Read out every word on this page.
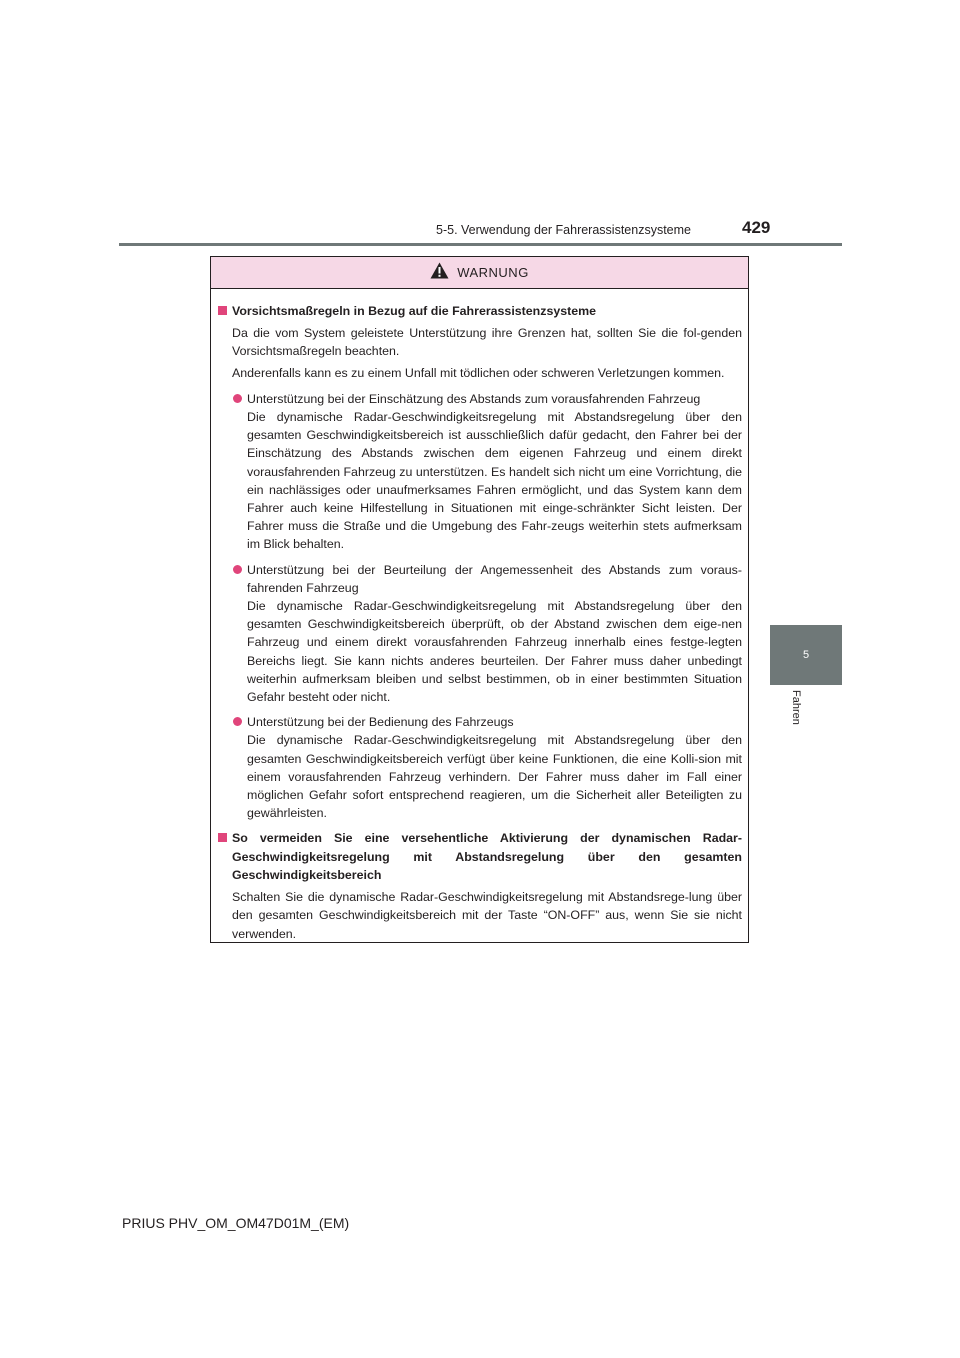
5-5. Verwendung der Fahrerassistenzsysteme	429
5
Fahren
WARNUNG
Vorsichtsmaßregeln in Bezug auf die Fahrerassistenzsysteme
Da die vom System geleistete Unterstützung ihre Grenzen hat, sollten Sie die fol-genden Vorsichtsmaßregeln beachten.
Anderenfalls kann es zu einem Unfall mit tödlichen oder schweren Verletzungen kommen.
Unterstützung bei der Einschätzung des Abstands zum vorausfahrenden Fahrzeug
Die dynamische Radar-Geschwindigkeitsregelung mit Abstandsregelung über den gesamten Geschwindigkeitsbereich ist ausschließlich dafür gedacht, den Fahrer bei der Einschätzung des Abstands zwischen dem eigenen Fahrzeug und einem direkt vorausfahrenden Fahrzeug zu unterstützen. Es handelt sich nicht um eine Vorrichtung, die ein nachlässiges oder unaufmerksames Fahren ermöglicht, und das System kann dem Fahrer auch keine Hilfestellung in Situationen mit einge-schränkter Sicht leisten. Der Fahrer muss die Straße und die Umgebung des Fahr-zeugs weiterhin stets aufmerksam im Blick behalten.
Unterstützung bei der Beurteilung der Angemessenheit des Abstands zum voraus-fahrenden Fahrzeug
Die dynamische Radar-Geschwindigkeitsregelung mit Abstandsregelung über den gesamten Geschwindigkeitsbereich überprüft, ob der Abstand zwischen dem eige-nen Fahrzeug und einem direkt vorausfahrenden Fahrzeug innerhalb eines festge-legten Bereichs liegt. Sie kann nichts anderes beurteilen. Der Fahrer muss daher unbedingt weiterhin aufmerksam bleiben und selbst bestimmen, ob in einer bestimmten Situation Gefahr besteht oder nicht.
Unterstützung bei der Bedienung des Fahrzeugs
Die dynamische Radar-Geschwindigkeitsregelung mit Abstandsregelung über den gesamten Geschwindigkeitsbereich verfügt über keine Funktionen, die eine Kolli-sion mit einem vorausfahrenden Fahrzeug verhindern. Der Fahrer muss daher im Fall einer möglichen Gefahr sofort entsprechend reagieren, um die Sicherheit aller Beteiligten zu gewährleisten.
So vermeiden Sie eine versehentliche Aktivierung der dynamischen Radar-Geschwindigkeitsregelung mit Abstandsregelung über den gesamten Geschwindigkeitsbereich
Schalten Sie die dynamische Radar-Geschwindigkeitsregelung mit Abstandsrege-lung über den gesamten Geschwindigkeitsbereich mit der Taste “ON-OFF” aus, wenn Sie sie nicht verwenden.
PRIUS PHV_OM_OM47D01M_(EM)
